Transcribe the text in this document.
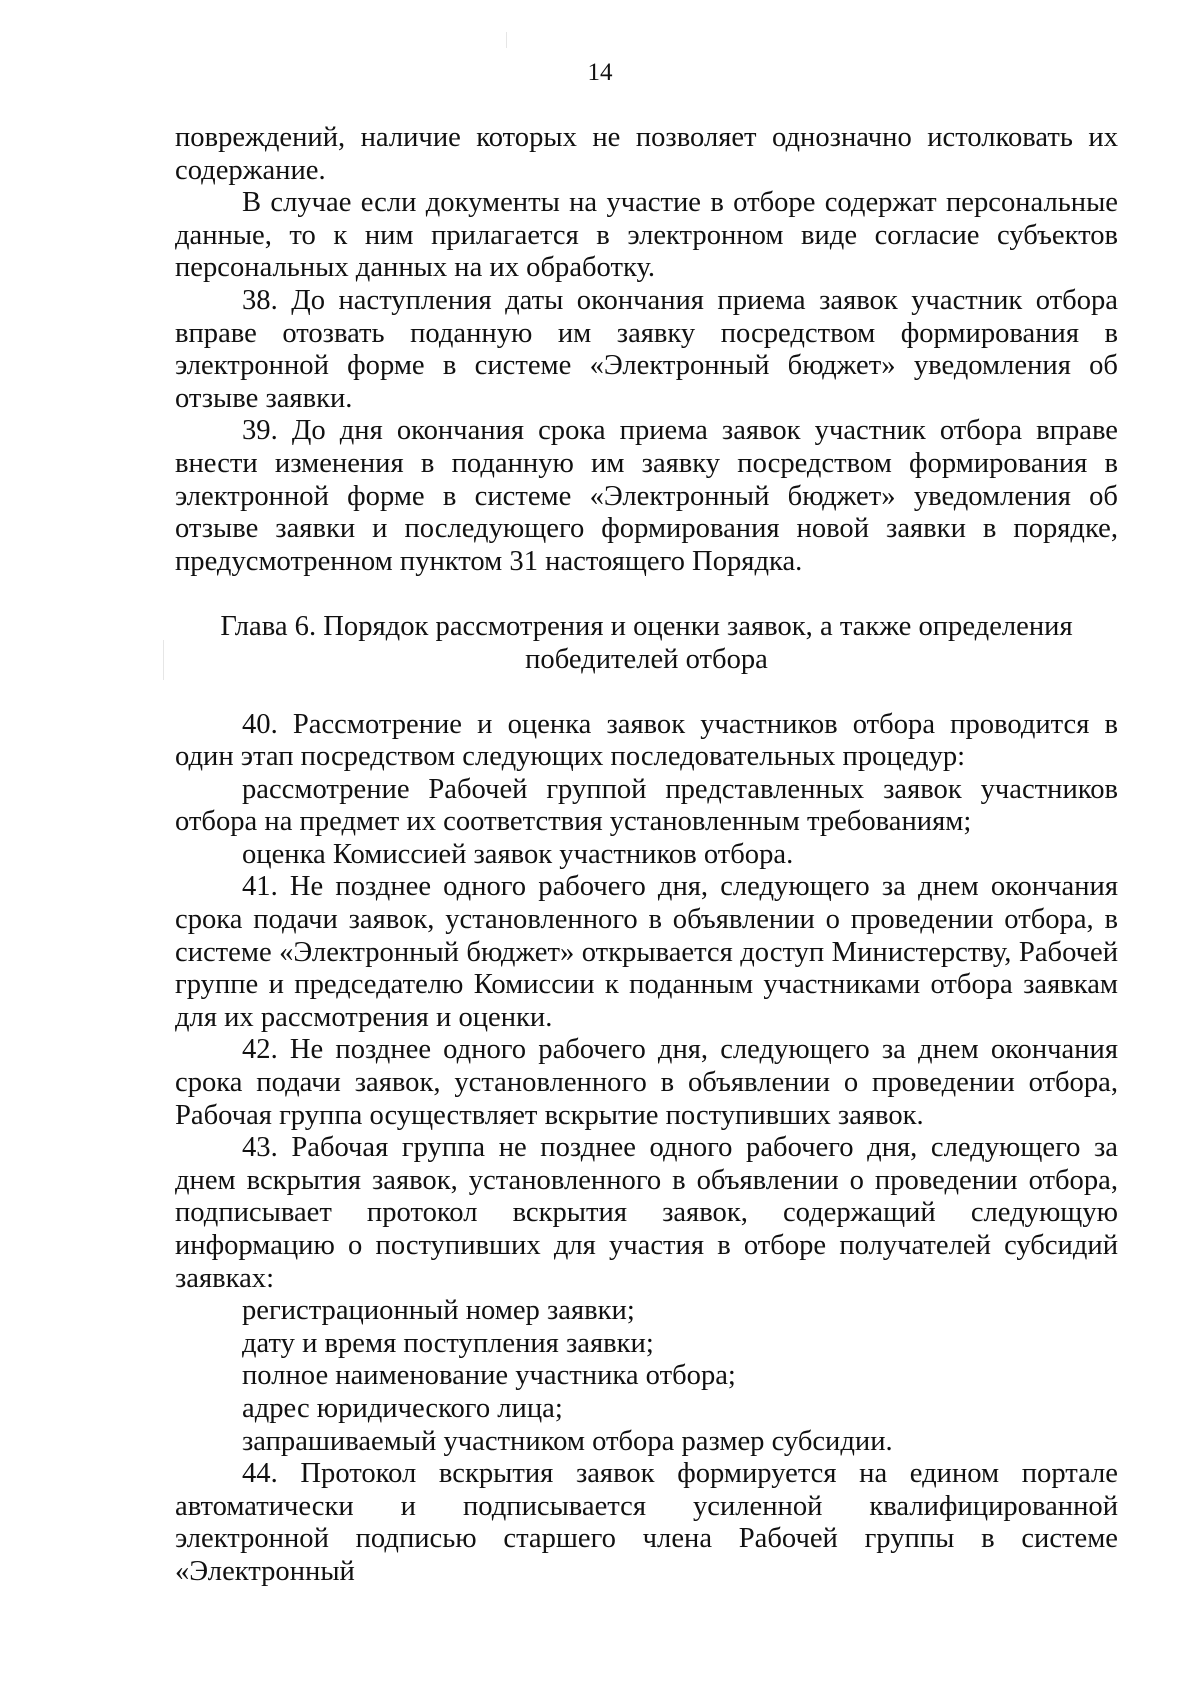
14

повреждений, наличие которых не позволяет однозначно истолковать их содержание.

В случае если документы на участие в отборе содержат персональные данные, то к ним прилагается в электронном виде согласие субъектов персональных данных на их обработку.

38. До наступления даты окончания приема заявок участник отбора вправе отозвать поданную им заявку посредством формирования в электронной форме в системе «Электронный бюджет» уведомления об отзыве заявки.

39. До дня окончания срока приема заявок участник отбора вправе внести изменения в поданную им заявку посредством формирования в электронной форме в системе «Электронный бюджет» уведомления об отзыве заявки и последующего формирования новой заявки в порядке, предусмотренном пунктом 31 настоящего Порядка.

Глава 6. Порядок рассмотрения и оценки заявок, а также определения победителей отбора

40. Рассмотрение и оценка заявок участников отбора проводится в один этап посредством следующих последовательных процедур:

рассмотрение Рабочей группой представленных заявок участников отбора на предмет их соответствия установленным требованиям;

оценка Комиссией заявок участников отбора.

41. Не позднее одного рабочего дня, следующего за днем окончания срока подачи заявок, установленного в объявлении о проведении отбора, в системе «Электронный бюджет» открывается доступ Министерству, Рабочей группе и председателю Комиссии к поданным участниками отбора заявкам для их рассмотрения и оценки.

42. Не позднее одного рабочего дня, следующего за днем окончания срока подачи заявок, установленного в объявлении о проведении отбора, Рабочая группа осуществляет вскрытие поступивших заявок.

43. Рабочая группа не позднее одного рабочего дня, следующего за днем вскрытия заявок, установленного в объявлении о проведении отбора, подписывает протокол вскрытия заявок, содержащий следующую информацию о поступивших для участия в отборе получателей субсидий заявках:

регистрационный номер заявки;

дату и время поступления заявки;

полное наименование участника отбора;

адрес юридического лица;

запрашиваемый участником отбора размер субсидии.

44. Протокол вскрытия заявок формируется на едином портале автоматически и подписывается усиленной квалифицированной электронной подписью старшего члена Рабочей группы в системе «Электронный
